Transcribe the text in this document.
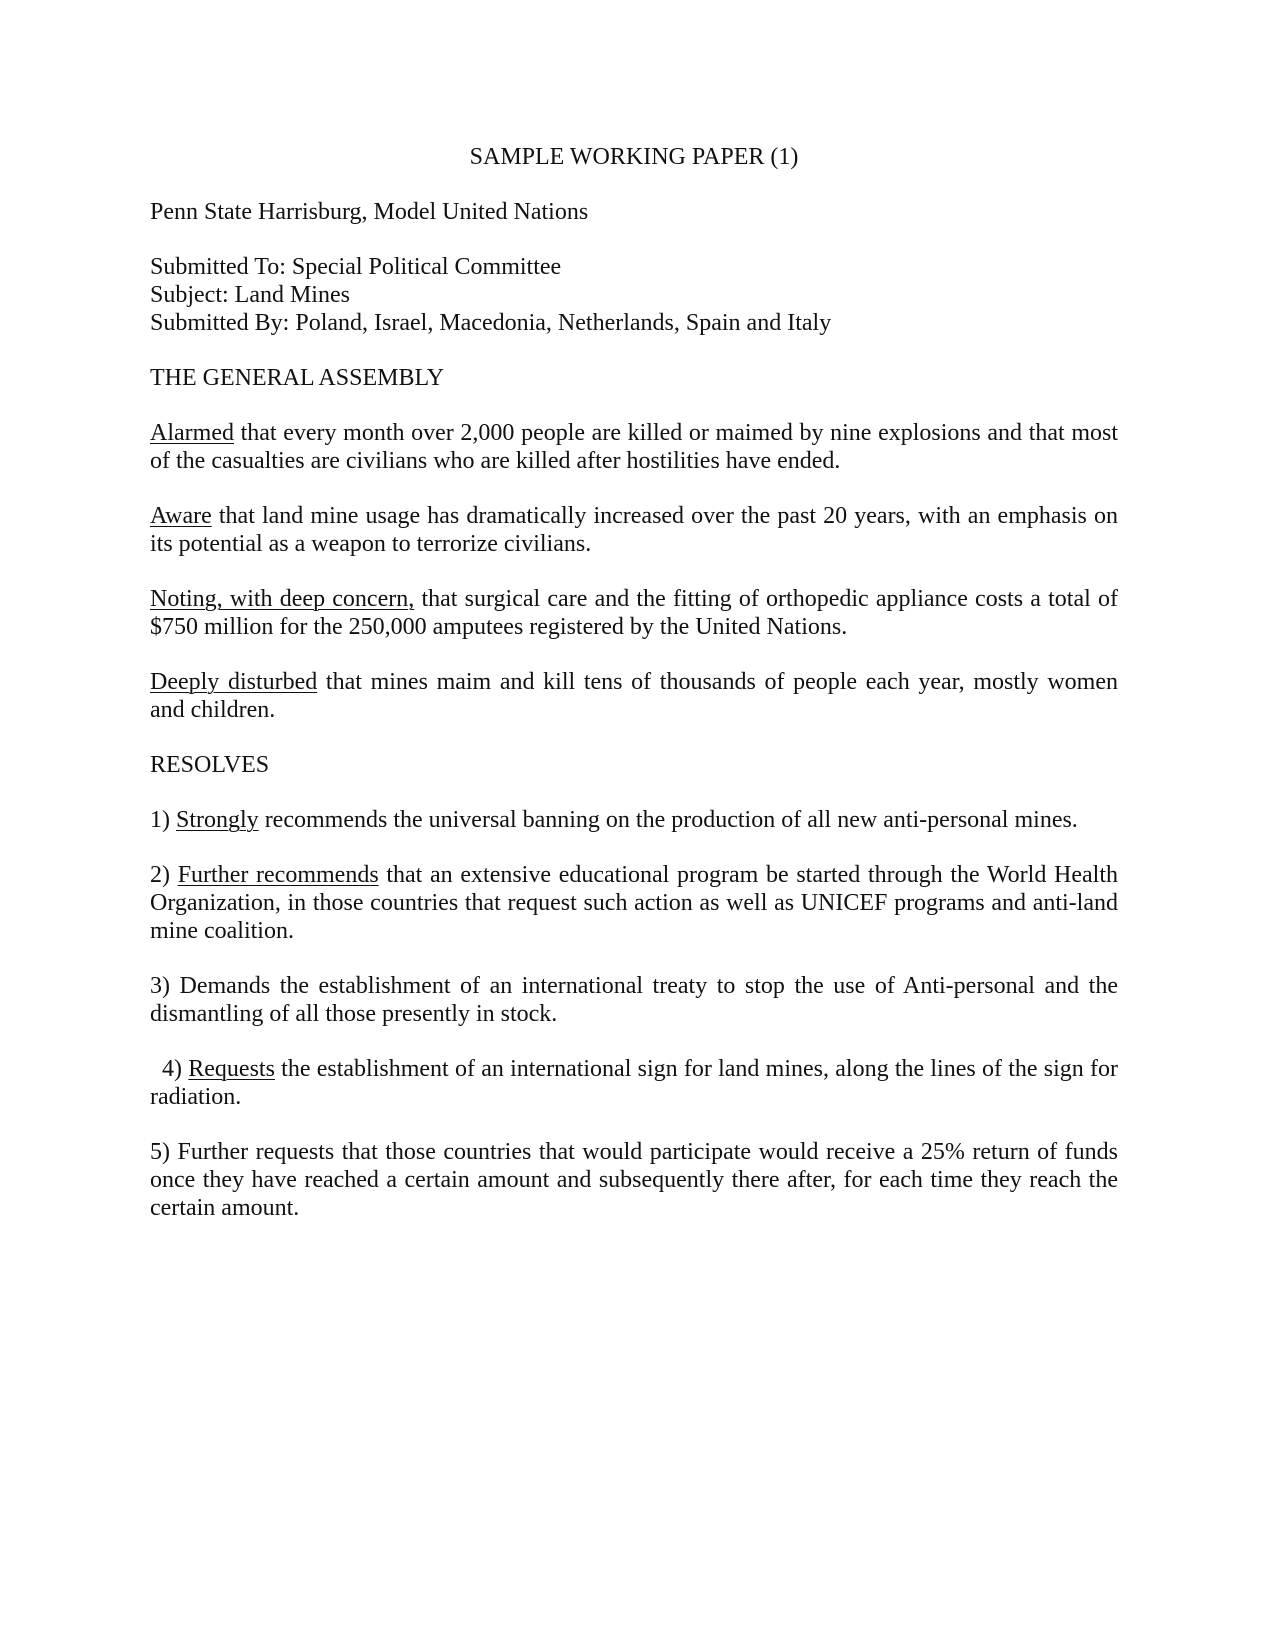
SAMPLE WORKING PAPER (1)
Penn State Harrisburg, Model United Nations
Submitted To: Special Political Committee
Subject: Land Mines
Submitted By: Poland, Israel, Macedonia, Netherlands, Spain and Italy
THE GENERAL ASSEMBLY
Alarmed that every month over 2,000 people are killed or maimed by nine explosions and that most of the casualties are civilians who are killed after hostilities have ended.
Aware that land mine usage has dramatically increased over the past 20 years, with an emphasis on its potential as a weapon to terrorize civilians.
Noting, with deep concern, that surgical care and the fitting of orthopedic appliance costs a total of $750 million for the 250,000 amputees registered by the United Nations.
Deeply disturbed that mines maim and kill tens of thousands of people each year, mostly women and children.
RESOLVES
1) Strongly recommends the universal banning on the production of all new anti-personal mines.
2) Further recommends that an extensive educational program be started through the World Health Organization, in those countries that request such action as well as UNICEF programs and anti-land mine coalition.
3) Demands the establishment of an international treaty to stop the use of Anti-personal and the dismantling of all those presently in stock.
4) Requests the establishment of an international sign for land mines, along the lines of the sign for radiation.
5) Further requests that those countries that would participate would receive a 25% return of funds once they have reached a certain amount and subsequently there after, for each time they reach the certain amount.
